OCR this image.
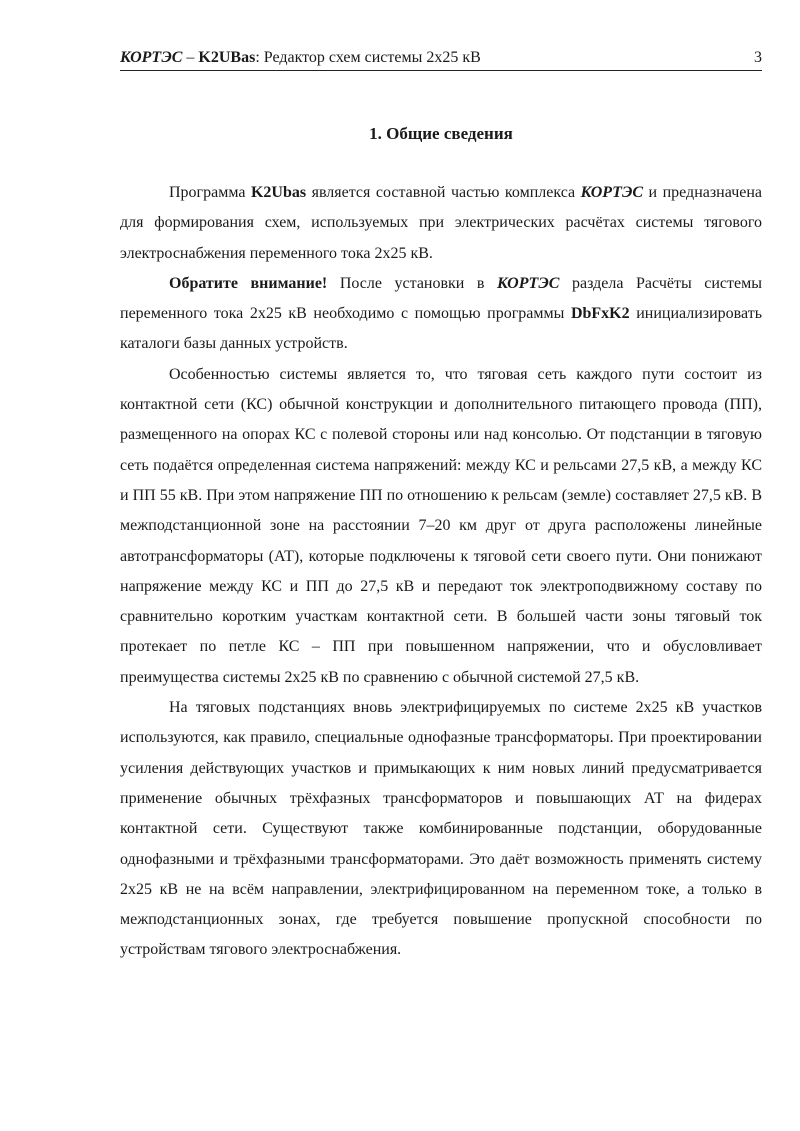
КОРТЭС – K2UBas: Редактор схем системы 2x25 кВ	3
1. Общие сведения

Программа K2Ubas является составной частью комплекса КОРТЭС и предназначена для формирования схем, используемых при электрических расчётах системы тягового электроснабжения переменного тока 2x25 кВ.

Обратите внимание! После установки в КОРТЭС раздела Расчёты системы переменного тока 2x25 кВ необходимо с помощью программы DbFxK2 инициализировать каталоги базы данных устройств.

Особенностью системы является то, что тяговая сеть каждого пути состоит из контактной сети (КС) обычной конструкции и дополнительного питающего провода (ПП), размещенного на опорах КС с полевой стороны или над консолью. От подстанции в тяговую сеть подаётся определенная система напряжений: между КС и рельсами 27,5 кВ, а между КС и ПП 55 кВ. При этом напряжение ПП по отношению к рельсам (земле) составляет 27,5 кВ. В межподстанционной зоне на расстоянии 7–20 км друг от друга расположены линейные автотрансформаторы (АТ), которые подключены к тяговой сети своего пути. Они понижают напряжение между КС и ПП до 27,5 кВ и передают ток электроподвижному составу по сравнительно коротким участкам контактной сети. В большей части зоны тяговый ток протекает по петле КС – ПП при повышенном напряжении, что и обусловливает преимущества системы 2x25 кВ по сравнению с обычной системой 27,5 кВ.

На тяговых подстанциях вновь электрифицируемых по системе 2x25 кВ участков используются, как правило, специальные однофазные трансформаторы. При проектировании усиления действующих участков и примыкающих к ним новых линий предусматривается применение обычных трёхфазных трансформаторов и повышающих АТ на фидерах контактной сети. Существуют также комбинированные подстанции, оборудованные однофазными и трёхфазными трансформаторами. Это даёт возможность применять систему 2x25 кВ не на всём направлении, электрифицированном на переменном токе, а только в межподстанционных зонах, где требуется повышение пропускной способности по устройствам тягового электроснабжения.
